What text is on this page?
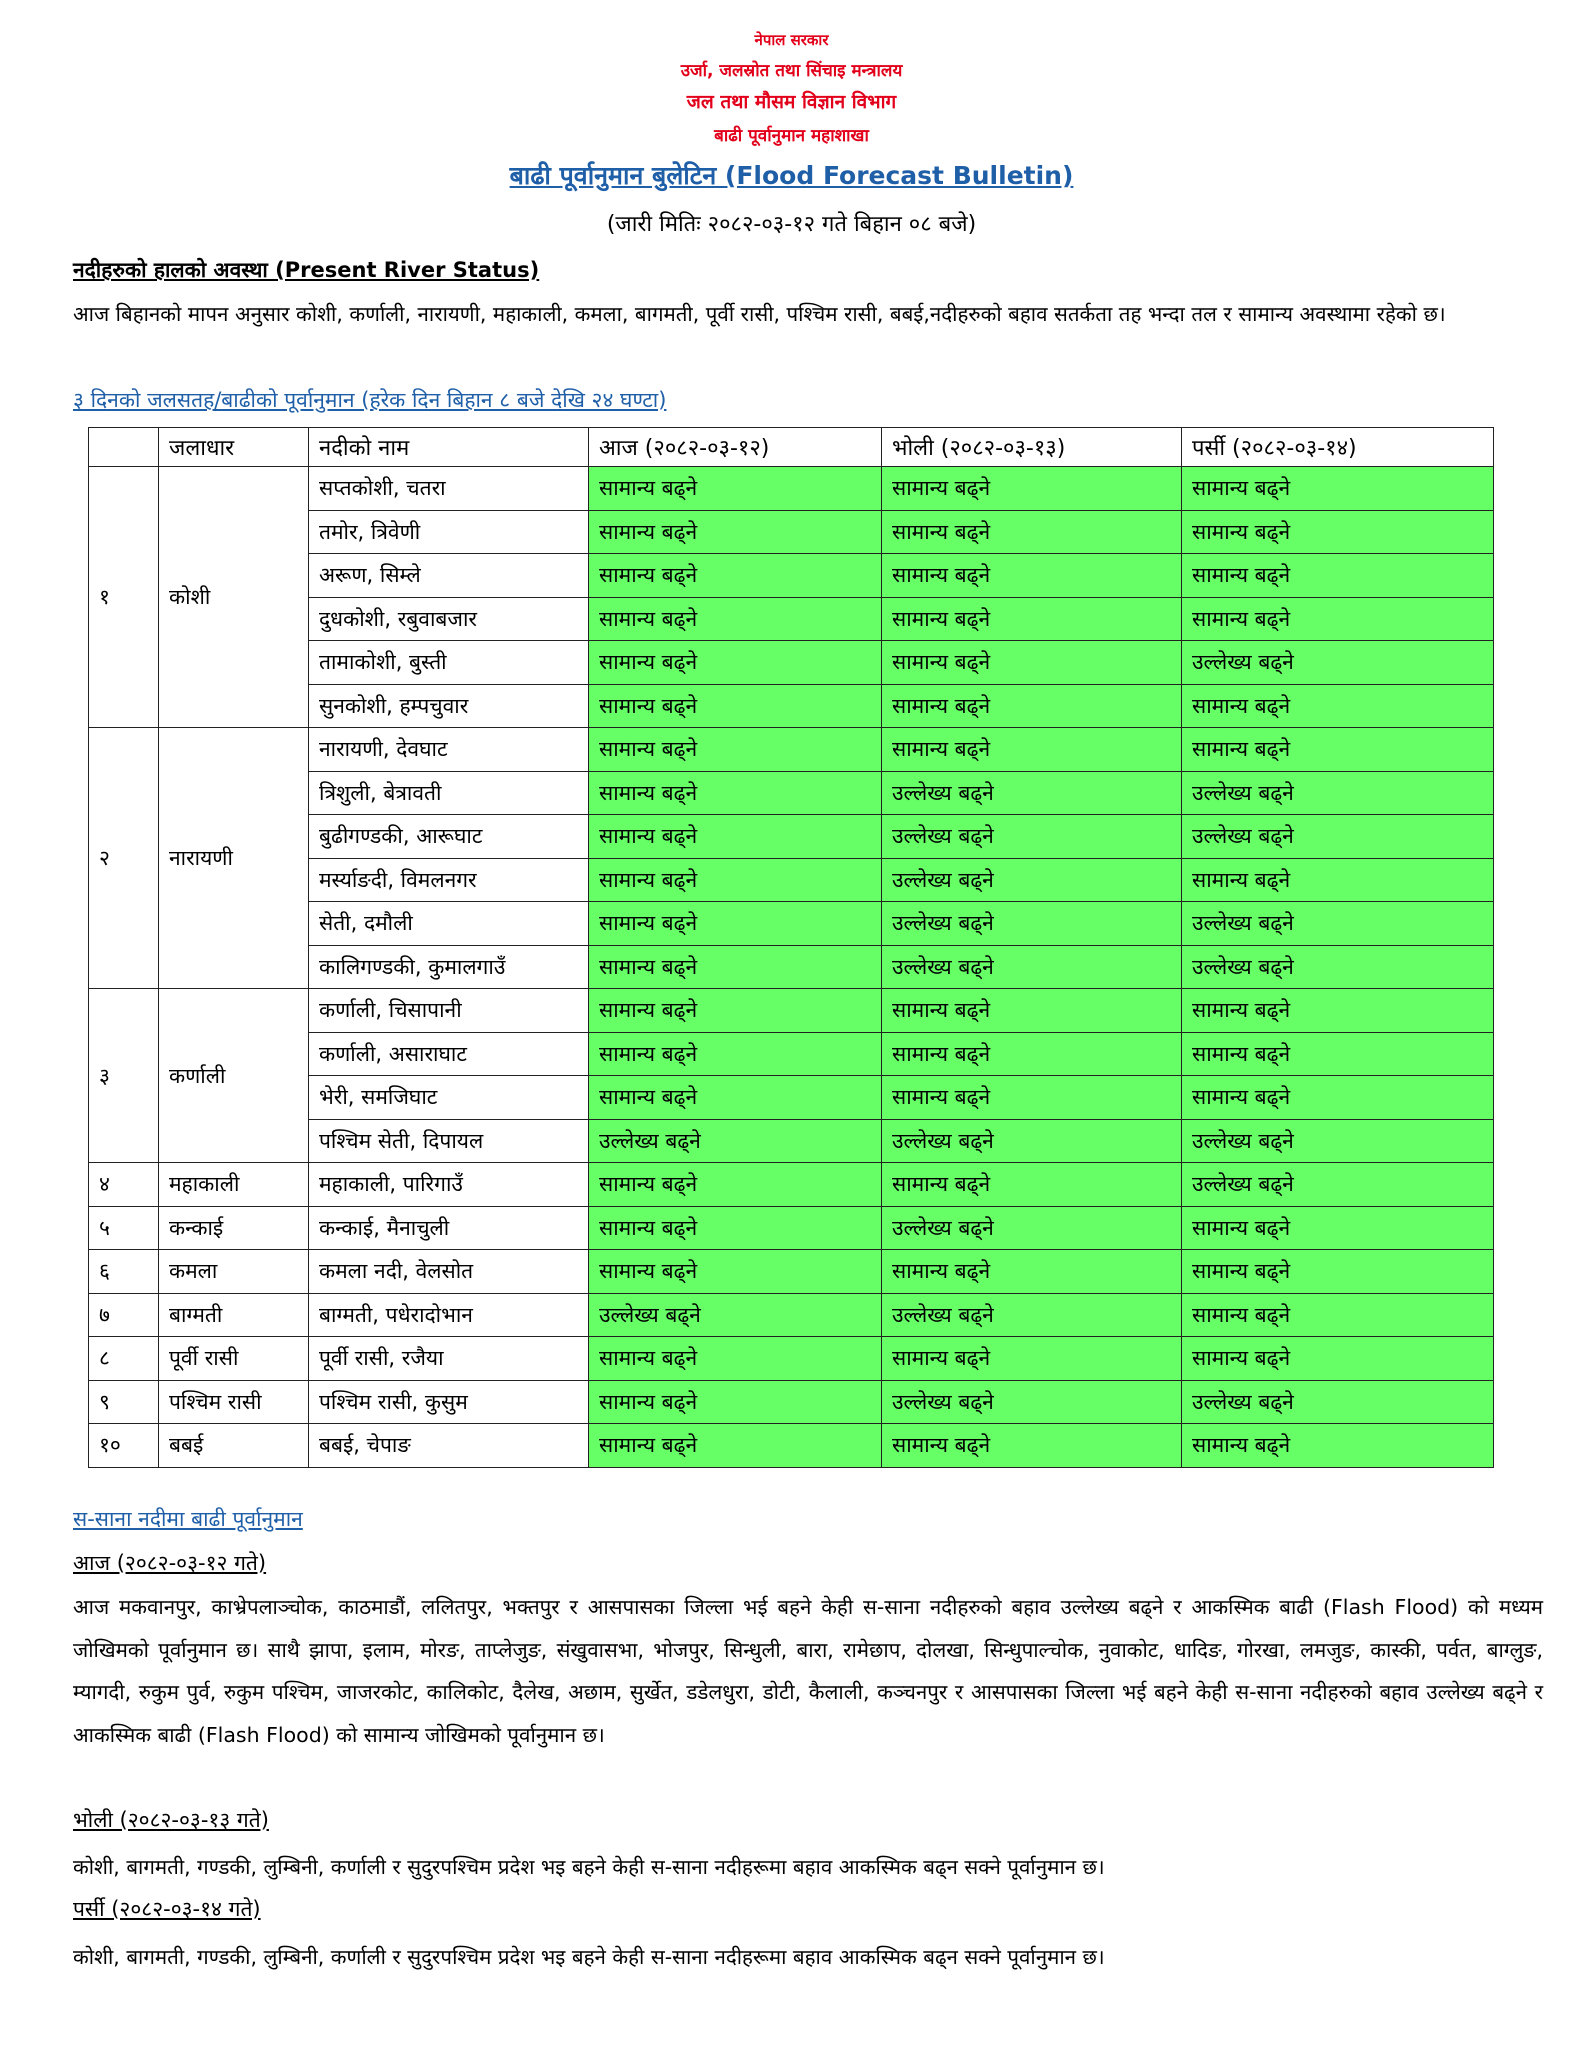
नेपाल सरकार
उर्जा, जलस्रोत तथा सिंचाइ मन्त्रालय
जल तथा मौसम विज्ञान विभाग
बाढी पूर्वानुमान महाशाखा
बाढी पूर्वानुमान बुलेटिन (Flood Forecast Bulletin)
(जारी मितिः २०८२-०३-१२ गते बिहान ०८ बजे)
नदीहरुको हालको अवस्था (Present River Status)
आज बिहानको मापन अनुसार कोशी, कर्णाली, नारायणी, महाकाली, कमला, बागमती, पूर्वी रासी, पश्चिम रासी, बबई,नदीहरुको बहाव सतर्कता तह भन्दा तल र सामान्य अवस्थामा रहेको छ।
३ दिनको जलसतह/बाढीको पूर्वानुमान (हरेक दिन बिहान ८ बजे देखि २४ घण्टा)
	जलाधार	नदीको नाम	आज (२०८२-०३-१२)	भोली (२०८२-०३-१३)	पर्सी (२०८२-०३-१४)
१	कोशी	सप्तकोशी, चतरा	सामान्य बढ्ने	सामान्य बढ्ने	सामान्य बढ्ने
		तमोर, त्रिवेणी	सामान्य बढ्ने	सामान्य बढ्ने	सामान्य बढ्ने
		अरूण, सिम्ले	सामान्य बढ्ने	सामान्य बढ्ने	सामान्य बढ्ने
		दुधकोशी, रबुवाबजार	सामान्य बढ्ने	सामान्य बढ्ने	सामान्य बढ्ने
		तामाकोशी, बुस्ती	सामान्य बढ्ने	सामान्य बढ्ने	उल्लेख्य बढ्ने
		सुनकोशी, हम्पचुवार	सामान्य बढ्ने	सामान्य बढ्ने	सामान्य बढ्ने
२	नारायणी	नारायणी, देवघाट	सामान्य बढ्ने	सामान्य बढ्ने	सामान्य बढ्ने
		त्रिशुली, बेत्रावती	सामान्य बढ्ने	उल्लेख्य बढ्ने	उल्लेख्य बढ्ने
		बुढीगण्डकी, आरूघाट	सामान्य बढ्ने	उल्लेख्य बढ्ने	उल्लेख्य बढ्ने
		मर्स्याङदी, विमलनगर	सामान्य बढ्ने	उल्लेख्य बढ्ने	सामान्य बढ्ने
		सेती, दमौली	सामान्य बढ्ने	उल्लेख्य बढ्ने	उल्लेख्य बढ्ने
		कालिगण्डकी, कुमालगाउँ	सामान्य बढ्ने	उल्लेख्य बढ्ने	उल्लेख्य बढ्ने
३	कर्णाली	कर्णाली, चिसापानी	सामान्य बढ्ने	सामान्य बढ्ने	सामान्य बढ्ने
		कर्णाली, असाराघाट	सामान्य बढ्ने	सामान्य बढ्ने	सामान्य बढ्ने
		भेरी, समजिघाट	सामान्य बढ्ने	सामान्य बढ्ने	सामान्य बढ्ने
		पश्चिम सेती, दिपायल	उल्लेख्य बढ्ने	उल्लेख्य बढ्ने	उल्लेख्य बढ्ने
४	महाकाली	महाकाली, पारिगाउँ	सामान्य बढ्ने	सामान्य बढ्ने	उल्लेख्य बढ्ने
५	कन्काई	कन्काई, मैनाचुली	सामान्य बढ्ने	उल्लेख्य बढ्ने	सामान्य बढ्ने
६	कमला	कमला नदी, वेलसोत	सामान्य बढ्ने	सामान्य बढ्ने	सामान्य बढ्ने
७	बाग्मती	बाग्मती, पधेरादोभान	उल्लेख्य बढ्ने	उल्लेख्य बढ्ने	सामान्य बढ्ने
८	पूर्वी रासी	पूर्वी रासी, रजैया	सामान्य बढ्ने	सामान्य बढ्ने	सामान्य बढ्ने
९	पश्चिम रासी	पश्चिम रासी, कुसुम	सामान्य बढ्ने	उल्लेख्य बढ्ने	उल्लेख्य बढ्ने
१०	बबई	बबई, चेपाङ	सामान्य बढ्ने	सामान्य बढ्ने	सामान्य बढ्ने
स-साना नदीमा बाढी पूर्वानुमान
आज (२०८२-०३-१२ गते)
आज मकवानपुर, काभ्रेपलाञ्चोक, काठमाडौं, ललितपुर, भक्तपुर र आसपासका जिल्ला भई बहने केही स-साना नदीहरुको बहाव उल्लेख्य बढ्ने र आकस्मिक बाढी (Flash Flood) को मध्यम जोखिमको पूर्वानुमान छ। साथै झापा, इलाम, मोरङ, ताप्लेजुङ, संखुवासभा, भोजपुर, सिन्धुली, बारा, रामेछाप, दोलखा, सिन्धुपाल्चोक, नुवाकोट, धादिङ, गोरखा, लमजुङ, कास्की, पर्वत, बाग्लुङ, म्यागदी, रुकुम पुर्व, रुकुम पश्चिम, जाजरकोट, कालिकोट, दैलेख, अछाम, सुर्खेत, डडेलधुरा, डोटी, कैलाली, कञ्चनपुर र आसपासका जिल्ला भई बहने केही स-साना नदीहरुको बहाव उल्लेख्य बढ्ने र आकस्मिक बाढी (Flash Flood) को सामान्य जोखिमको पूर्वानुमान छ।
भोली (२०८२-०३-१३ गते)
कोशी, बागमती, गण्डकी, लुम्बिनी, कर्णाली र सुदुरपश्चिम प्रदेश भइ बहने केही स-साना नदीहरूमा बहाव आकस्मिक बढ्न सक्ने पूर्वानुमान छ।
पर्सी (२०८२-०३-१४ गते)
कोशी, बागमती, गण्डकी, लुम्बिनी, कर्णाली र सुदुरपश्चिम प्रदेश भइ बहने केही स-साना नदीहरूमा बहाव आकस्मिक बढ्न सक्ने पूर्वानुमान छ।
